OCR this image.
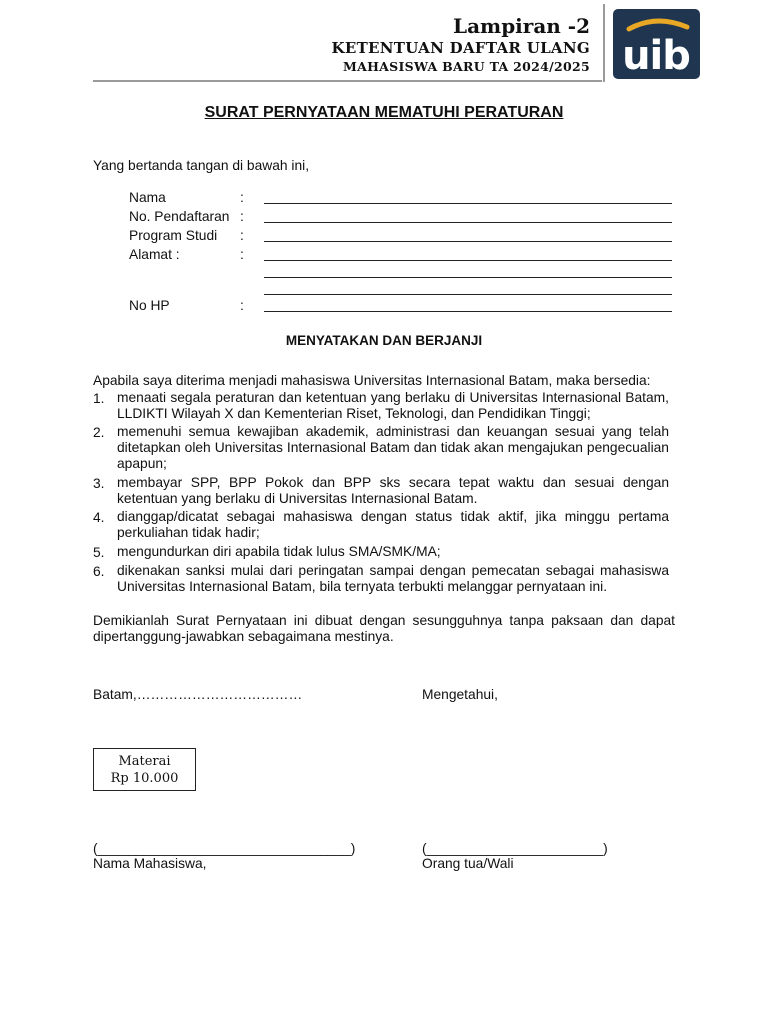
Lampiran -2
KETENTUAN DAFTAR ULANG
MAHASISWA BARU TA 2024/2025 uib
SURAT PERNYATAAN MEMATUHI PERATURAN
Yang bertanda tangan di bawah ini,
Nama	:
No. Pendaftaran :
Program Studi :
Alamat :	:
No HP	:
MENYATAKAN DAN BERJANJI
Apabila saya diterima menjadi mahasiswa Universitas Internasional Batam, maka bersedia:
1. menaati segala peraturan dan ketentuan yang berlaku di Universitas Internasional Batam, LLDIKTI Wilayah X dan Kementerian Riset, Teknologi, dan Pendidikan Tinggi;
2. memenuhi semua kewajiban akademik, administrasi dan keuangan sesuai yang telah ditetapkan oleh Universitas Internasional Batam dan tidak akan mengajukan pengecualian apapun;
3. membayar SPP, BPP Pokok dan BPP sks secara tepat waktu dan sesuai dengan ketentuan yang berlaku di Universitas Internasional Batam.
4. dianggap/dicatat sebagai mahasiswa dengan status tidak aktif, jika minggu pertama perkuliahan tidak hadir;
5. mengundurkan diri apabila tidak lulus SMA/SMK/MA;
6. dikenakan sanksi mulai dari peringatan sampai dengan pemecatan sebagai mahasiswa Universitas Internasional Batam, bila ternyata terbukti melanggar pernyataan ini.
Demikianlah Surat Pernyataan ini dibuat dengan sesungguhnya tanpa paksaan dan dapat dipertanggung-jawabkan sebagaimana mestinya.
Batam,………………………………	Mengetahui,
Materai
Rp 10.000
(_________________________________)	(_______________________)
Nama Mahasiswa,	Orang tua/Wali
